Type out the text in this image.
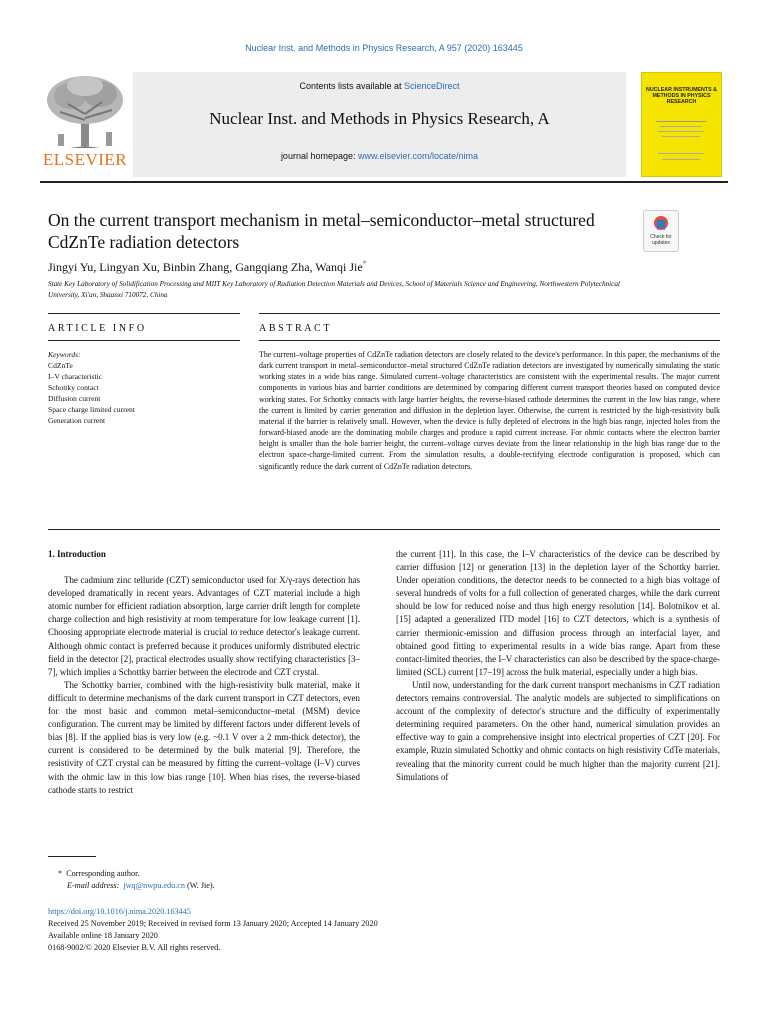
Nuclear Inst. and Methods in Physics Research, A 957 (2020) 163445
ELSEVIER
Contents lists available at ScienceDirect
Nuclear Inst. and Methods in Physics Research, A
journal homepage: www.elsevier.com/locate/nima
NUCLEAR INSTRUMENTS & METHODS IN PHYSICS RESEARCH
On the current transport mechanism in metal–semiconductor–metal structured CdZnTe radiation detectors	Check for updates
Jingyi Yu, Lingyan Xu, Binbin Zhang, Gangqiang Zha, Wanqi Jie*
State Key Laboratory of Solidification Processing and MIIT Key Laboratory of Radiation Detection Materials and Devices, School of Materials Science and Engineering, Northwestern Polytechnical University, Xi'an, Shaanxi 710072, China
ARTICLE INFO	ABSTRACT
Keywords:
CdZnTe
I–V characteristic
Schottky contact
Diffusion current
Space charge limited current
Generation current
The current–voltage properties of CdZnTe radiation detectors are closely related to the device's performance. In this paper, the mechanisms of the dark current transport in metal–semiconductor–metal structured CdZnTe radiation detectors are investigated by numerically simulating the static working states in a wide bias range. Simulated current–voltage characteristics are consistent with the experimental results. The major current components in various bias and barrier conditions are determined by comparing different current transport theories based on computed device working states. For Schottky contacts with large barrier heights, the reverse-biased cathode determines the current in the low bias range, where the current is limited by carrier generation and diffusion in the depletion layer. Otherwise, the current is restricted by the high-resistivity bulk material if the barrier is relatively small. However, when the device is fully depleted of electrons in the high bias range, injected holes from the forward-biased anode are the dominating mobile charges and produce a rapid current increase. For ohmic contacts where the electron barrier height is smaller than the hole barrier height, the current–voltage curves deviate from the linear relationship in the high bias range due to the electron space-charge-limited current. From the simulation results, a double-rectifying electrode configuration is proposed, which can significantly reduce the dark current of CdZnTe radiation detectors.
1. Introduction

The cadmium zinc telluride (CZT) semiconductor used for X/γ-rays detection has developed dramatically in recent years. Advantages of CZT material include a high atomic number for efficient radiation absorption, large carrier drift length for complete charge collection and high resistivity at room temperature for low leakage current [1]. Choosing appropriate electrode material is crucial to reduce detector's leakage current. Although ohmic contact is preferred because it produces uniformly distributed electric field in the detector [2], practical electrodes usually show rectifying characteristics [3–7], which implies a Schottky barrier between the electrode and CZT crystal.

The Schottky barrier, combined with the high-resistivity bulk material, make it difficult to determine mechanisms of the dark current transport in CZT detectors, even for the most basic and common metal–semiconductor–metal (MSM) device configuration. The current may be limited by different factors under different levels of bias [8]. If the applied bias is very low (e.g. ~0.1 V over a 2 mm-thick detector), the current is considered to be determined by the bulk material [9]. Therefore, the resistivity of CZT crystal can be measured by fitting the current–voltage (I–V) curves with the ohmic law in this low bias range [10]. When bias rises, the reverse-biased cathode starts to restrict

the current [11]. In this case, the I–V characteristics of the device can be described by carrier diffusion [12] or generation [13] in the depletion layer of the Schottky barrier. Under operation conditions, the detector needs to be connected to a high bias voltage of several hundreds of volts for a full collection of generated charges, while the dark current should be low for reduced noise and thus high energy resolution [14]. Bolotnikov et al. [15] adapted a generalized ITD model [16] to CZT detectors, which is a synthesis of carrier thermionic-emission and diffusion process through an interfacial layer, and obtained good fitting to experimental results in a wide bias range. Apart from these contact-limited theories, the I–V characteristics can also be described by the space-charge-limited (SCL) current [17–19] across the bulk material, especially under a high bias.

Until now, understanding for the dark current transport mechanisms in CZT radiation detectors remains controversial. The analytic models are subjected to simplifications on account of the complexity of detector's structure and the difficulty of experimentally determining required parameters. On the other hand, numerical simulation provides an effective way to gain a comprehensive insight into electrical properties of CZT [20]. For example, Ruzin simulated Schottky and ohmic contacts on high resistivity CdTe materials, revealing that the minority current could be much higher than the majority current [21]. Simulations of

* Corresponding author.
E-mail address: jwq@nwpu.edu.cn (W. Jie).
https://doi.org/10.1016/j.nima.2020.163445
Received 25 November 2019; Received in revised form 13 January 2020; Accepted 14 January 2020
Available online 18 January 2020
0168-9002/© 2020 Elsevier B.V. All rights reserved.
